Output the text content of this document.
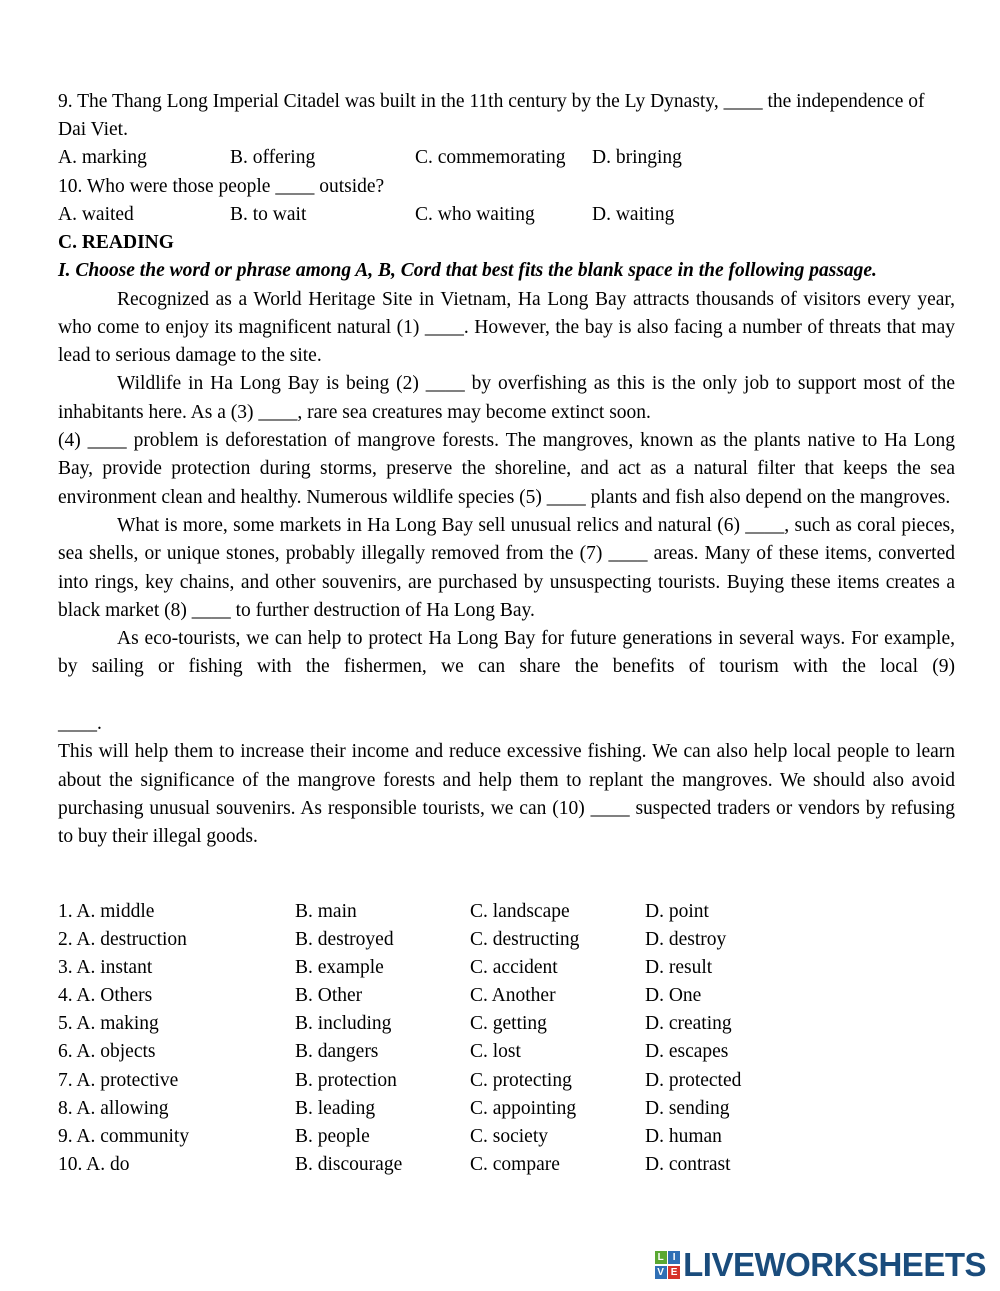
9. The Thang Long Imperial Citadel was built in the 11th century by the Ly Dynasty, ____ the independence of Dai Viet.

A. marking	B. offering	C. commemorating D. bringing

10. Who were those people ____ outside?

A. waited	B. to wait	C. who waiting	D. waiting

C. READING

I. Choose the word or phrase among A, B, Cord that best fits the blank space in the following passage.

Recognized as a World Heritage Site in Vietnam, Ha Long Bay attracts thousands of visitors every year, who come to enjoy its magnificent natural (1) ____. However, the bay is also facing a number of threats that may lead to serious damage to the site.

Wildlife in Ha Long Bay is being (2) ____ by overfishing as this is the only job to support most of the inhabitants here. As a (3) ____, rare sea creatures may become extinct soon.

(4) ____ problem is deforestation of mangrove forests. The mangroves, known as the plants native to Ha Long Bay, provide protection during storms, preserve the shoreline, and act as a natural filter that keeps the sea environment clean and healthy. Numerous wildlife species (5) ____ plants and fish also depend on the mangroves.

What is more, some markets in Ha Long Bay sell unusual relics and natural (6) ____, such as coral pieces, sea shells, or unique stones, probably illegally removed from the (7) ____ areas. Many of these items, converted into rings, key chains, and other souvenirs, are purchased by unsuspecting tourists. Buying these items creates a black market (8) ____ to further destruction of Ha Long Bay.

As eco-tourists, we can help to protect Ha Long Bay for future generations in several ways. For example, by sailing or fishing with the fishermen, we can share the benefits of tourism with the local (9)

____.

This will help them to increase their income and reduce excessive fishing. We can also help local people to learn about the significance of the mangrove forests and help them to replant the mangroves. We should also avoid purchasing unusual souvenirs. As responsible tourists, we can (10) ____ suspected traders or vendors by refusing to buy their illegal goods.

1. A. middle	B. main	C. landscape	D. point
2. A. destruction	B. destroyed	C. destructing	D. destroy
3. A. instant	B. example	C. accident	D. result
4. A. Others	B. Other	C. Another	D. One
5. A. making	B. including	C. getting	D. creating
6. A. objects	B. dangers	C. lost	D. escapes
7. A. protective	B. protection	C. protecting	D. protected
8. A. allowing	B. leading	C. appointing	D. sending
9. A. community	B. people	C. society	D. human
10. A. do	B. discourage	C. compare	D. contrast
L I
V E LIVEWORKSHEETS
